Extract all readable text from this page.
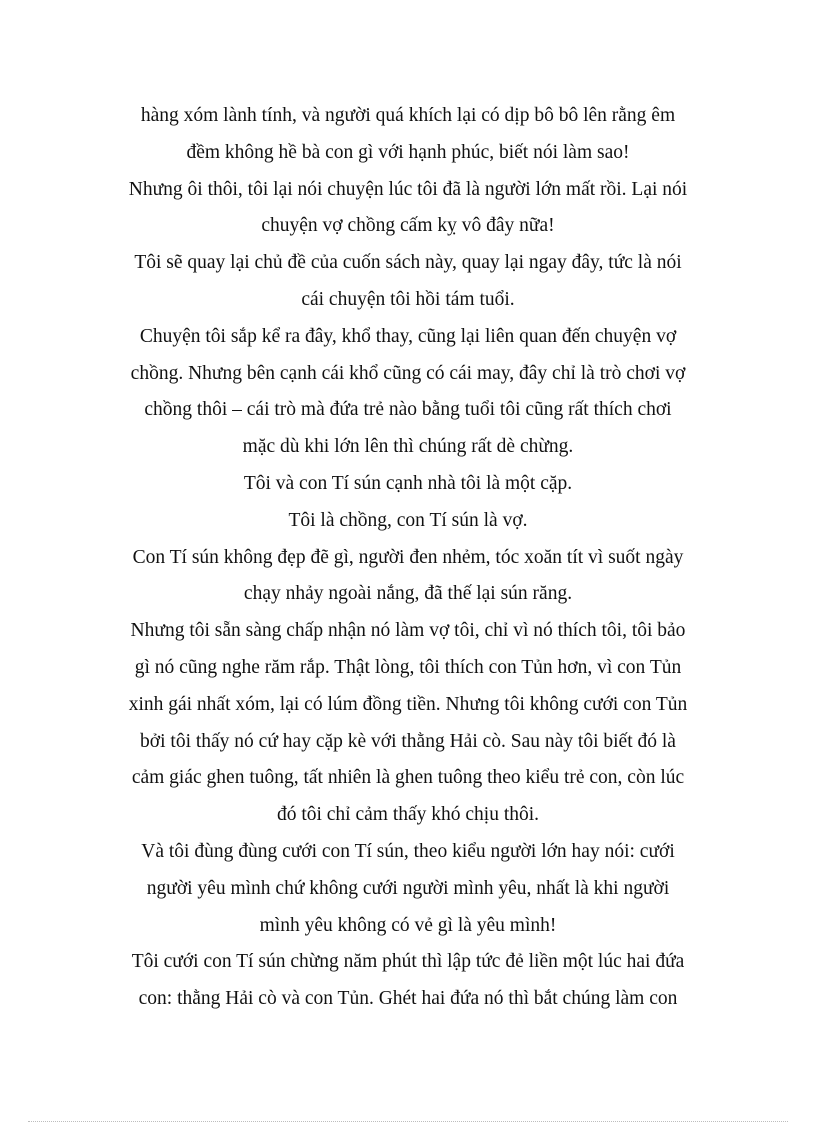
hàng xóm lành tính, và người quá khích lại có dịp bô bô lên rằng êm
đềm không hề bà con gì với hạnh phúc, biết nói làm sao!
Nhưng ôi thôi, tôi lại nói chuyện lúc tôi đã là người lớn mất rồi. Lại nói
chuyện vợ chồng cấm kỵ vô đây nữa!
Tôi sẽ quay lại chủ đề của cuốn sách này, quay lại ngay đây, tức là nói
cái chuyện tôi hồi tám tuổi.
Chuyện tôi sắp kể ra đây, khổ thay, cũng lại liên quan đến chuyện vợ
chồng. Nhưng bên cạnh cái khổ cũng có cái may, đây chỉ là trò chơi vợ
chồng thôi – cái trò mà đứa trẻ nào bằng tuổi tôi cũng rất thích chơi
mặc dù khi lớn lên thì chúng rất dè chừng.
Tôi và con Tí sún cạnh nhà tôi là một cặp.
Tôi là chồng, con Tí sún là vợ.
Con Tí sún không đẹp đẽ gì, người đen nhẻm, tóc xoăn tít vì suốt ngày
chạy nhảy ngoài nắng, đã thế lại sún răng.
Nhưng tôi sẵn sàng chấp nhận nó làm vợ tôi, chỉ vì nó thích tôi, tôi bảo
gì nó cũng nghe răm rắp. Thật lòng, tôi thích con Tủn hơn, vì con Tủn
xinh gái nhất xóm, lại có lúm đồng tiền. Nhưng tôi không cưới con Tủn
bởi tôi thấy nó cứ hay cặp kè với thằng Hải cò. Sau này tôi biết đó là
cảm giác ghen tuông, tất nhiên là ghen tuông theo kiểu trẻ con, còn lúc
đó tôi chỉ cảm thấy khó chịu thôi.
Và tôi đùng đùng cưới con Tí sún, theo kiểu người lớn hay nói: cưới
người yêu mình chứ không cưới người mình yêu, nhất là khi người
mình yêu không có vẻ gì là yêu mình!
Tôi cưới con Tí sún chừng năm phút thì lập tức đẻ liền một lúc hai đứa
con: thằng Hải cò và con Tủn. Ghét hai đứa nó thì bắt chúng làm con
